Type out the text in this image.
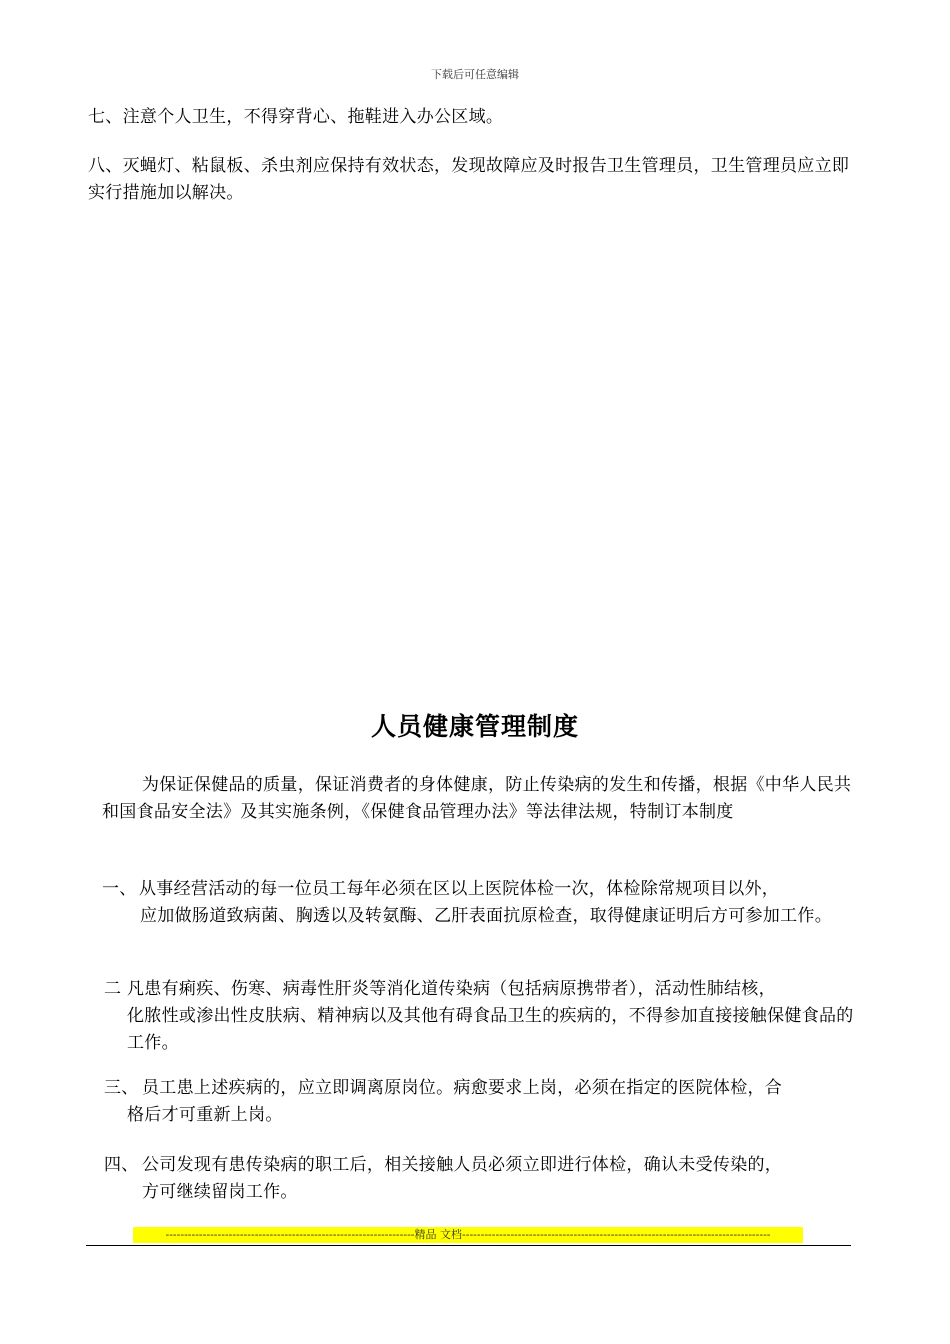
下载后可任意编辑
七、注意个人卫生，不得穿背心、拖鞋进入办公区域。
八、灭蝇灯、粘鼠板、杀虫剂应保持有效状态，发现故障应及时报告卫生管理员，卫生管理员应立即实行措施加以解决。
人员健康管理制度
为保证保健品的质量，保证消费者的身体健康，防止传染病的发生和传播，根据《中华人民共和国食品安全法》及其实施条例，《保健食品管理办法》等法律法规，特制订本制度
一、 从事经营活动的每一位员工每年必须在区以上医院体检一次，体检除常规项目以外，
应加做肠道致病菌、胸透以及转氨酶、乙肝表面抗原检查，取得健康证明后方可参加工作。
二 凡患有痢疾、伤寒、病毒性肝炎等消化道传染病（包括病原携带者），活动性肺结核，
化脓性或渗出性皮肤病、精神病以及其他有碍食品卫生的疾病的，不得参加直接接触保健食品的工作。
三、 员工患上述疾病的，应立即调离原岗位。病愈要求上岗，必须在指定的医院体检，合
格后才可重新上岗。
四、 公司发现有患传染病的职工后，相关接触人员必须立即进行体检，确认未受传染的，
方可继续留岗工作。
-------------------------------------------------------------------精品 文档-----------------------------------------------------------------------------------
